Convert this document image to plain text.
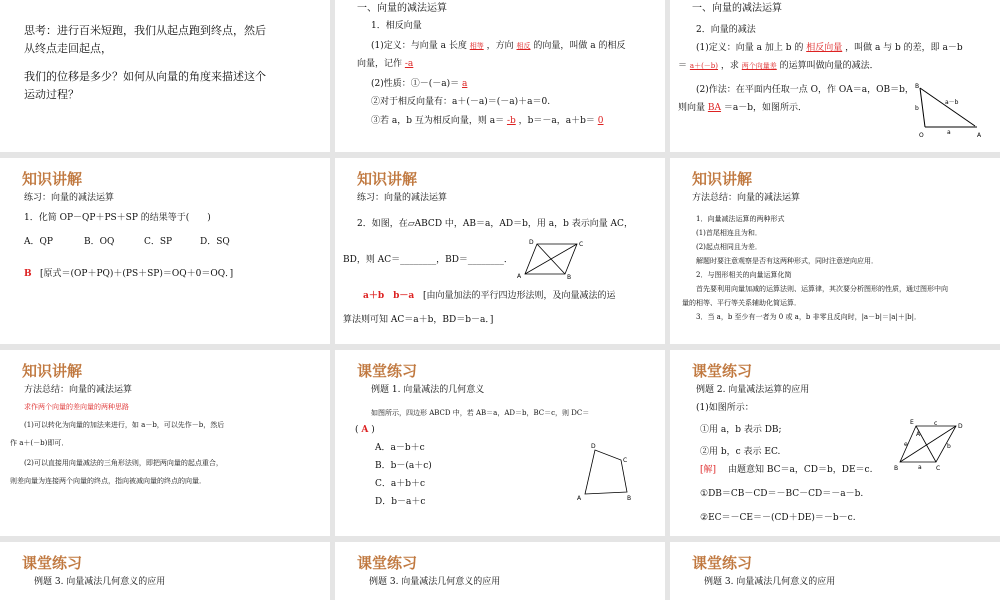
思考：进行百米短跑，我们从起点跑到终点，然后
从终点走回起点，
我们的位移是多少？如何从向量的角度来描述这个
运动过程？
一、向量的减法运算
1．相反向量
(1)定义：与向量 a 长度 相等 ，方向 相反 的向量，叫做 a 的相反
向量，记作 -a
(2)性质：①－(－a)＝ a
②对于相反向量有：a＋(－a)＝(－a)＋a＝0.
③若 a，b 互为相反向量，则 a＝ -b ，b＝－a，a＋b＝ 0
一、向量的减法运算
2．向量的减法
(1)定义：向量 a 加上 b 的 相反向量 ，叫做 a 与 b 的差，即 a－b
＝ a＋(－b) ，求 两个向量差 的运算叫做向量的减法．
(2)作法：在平面内任取一点 O，作 OA＝a，OB＝b，
则向量 BA ＝a－b，如图所示．
O	A
B
b
a
a－b
知识讲解
练习：向量的减法运算
1．化简 OP－QP＋PS＋SP 的结果等于(　　)
A．QP	B．OQ	C．SP	D．SQ
B [原式＝(OP＋PQ)＋(PS＋SP)＝OQ＋0＝OQ．]
知识讲解
练习：向量的减法运算
2．如图，在▱ABCD 中，AB＝a，AD＝b，用 a，b 表示向量 AC，
BD，则 AC＝________，BD＝________．
A	B
C
D
a＋b　b－a [由向量加法的平行四边形法则，及向量减法的运
算法则可知 AC＝a＋b，BD＝b－a．]
知识讲解
方法总结：向量的减法运算
1．向量减法运算的两种形式
(1)首尾相连且为和．
(2)起点相同且为差．
解题时要注意观察是否有这两种形式，同时注意逆向应用．
2．与图形相关的向量运算化简
首先要利用向量加减的运算法则、运算律，其次要分析图形的性质，通过图形中向
量的相等、平行等关系辅助化简运算．
3．当 a，b 至少有一者为 0 或 a，b 非零且反向时，|a－b|＝|a|＋|b|．
知识讲解
方法总结：向量的减法运算
求作两个向量的差向量的两种思路
(1)可以转化为向量的加法来进行，如 a－b，可以先作－b，然后
作 a＋(－b)即可．
(2)可以直接用向量减法的三角形法则，即把两向量的起点重合，
则差向量为连接两个向量的终点，指向被减向量的终点的向量．
课堂练习
例题 1. 向量减法的几何意义
如图所示，四边形 ABCD 中，若 AB＝a，AD＝b，BC＝c，则 DC＝
( A )
A．a－b＋c
B．b－(a＋c)
C．a＋b＋c
D．b－a＋c	A	B
C
D
课堂练习
例题 2. 向量减法运算的应用
(1)如图所示：
①用 a，b 表示 DB;
②用 b，c 表示 EC.
[解] 由题意知 BC＝a，CD＝b，DE＝c.
①DB＝CB－CD＝－BC－CD＝－a－b.
②EC＝－CE＝－(CD＋DE)＝－b－c.
B	C
D
E
A
a
b
c
e
课堂练习
例题 3. 向量减法几何意义的应用
课堂练习
例题 3. 向量减法几何意义的应用
课堂练习
例题 3. 向量减法几何意义的应用
